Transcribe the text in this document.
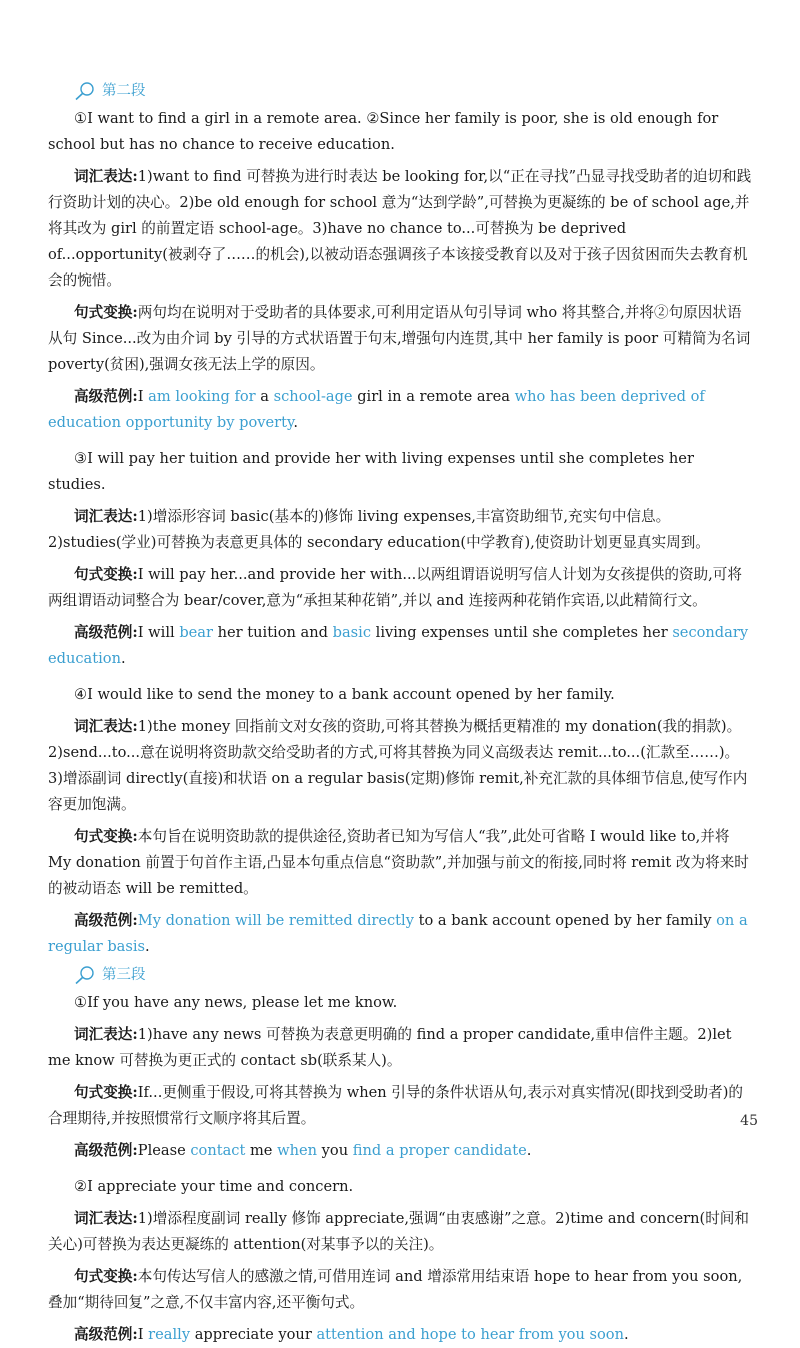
第二段

①I want to find a girl in a remote area. ②Since her family is poor, she is old enough for school but has no chance to receive education.

词汇表达:1)want to find 可替换为进行时表达 be looking for,以“正在寻找”凸显寻找受助者的迫切和践行资助计划的决心。2)be old enough for school 意为“达到学龄”,可替换为更凝练的 be of school age,并将其改为 girl 的前置定语 school-age。3)have no chance to...可替换为 be deprived of...opportunity(被剥夺了……的机会),以被动语态强调孩子本该接受教育以及对于孩子因贫困而失去教育机会的惋惜。

句式变换:两句均在说明对于受助者的具体要求,可利用定语从句引导词 who 将其整合,并将②句原因状语从句 Since...改为由介词 by 引导的方式状语置于句末,增强句内连贯,其中 her family is poor 可精简为名词 poverty(贫困),强调女孩无法上学的原因。

高级范例:I am looking for a school-age girl in a remote area who has been deprived of education opportunity by poverty.

③I will pay her tuition and provide her with living expenses until she completes her studies.

词汇表达:1)增添形容词 basic(基本的)修饰 living expenses,丰富资助细节,充实句中信息。2)studies(学业)可替换为表意更具体的 secondary education(中学教育),使资助计划更显真实周到。

句式变换:I will pay her...and provide her with...以两组谓语说明写信人计划为女孩提供的资助,可将两组谓语动词整合为 bear/cover,意为“承担某种花销”,并以 and 连接两种花销作宾语,以此精简行文。

高级范例:I will bear her tuition and basic living expenses until she completes her secondary education.

④I would like to send the money to a bank account opened by her family.

词汇表达:1)the money 回指前文对女孩的资助,可将其替换为概括更精准的 my donation(我的捐款)。2)send...to...意在说明将资助款交给受助者的方式,可将其替换为同义高级表达 remit...to...(汇款至……)。3)增添副词 directly(直接)和状语 on a regular basis(定期)修饰 remit,补充汇款的具体细节信息,使写作内容更加饱满。

句式变换:本句旨在说明资助款的提供途径,资助者已知为写信人“我”,此处可省略 I would like to,并将 My donation 前置于句首作主语,凸显本句重点信息“资助款”,并加强与前文的衔接,同时将 remit 改为将来时的被动语态 will be remitted。

高级范例:My donation will be remitted directly to a bank account opened by her family on a regular basis.

第三段

①If you have any news, please let me know.

词汇表达:1)have any news 可替换为表意更明确的 find a proper candidate,重申信件主题。2)let me know 可替换为更正式的 contact sb(联系某人)。

句式变换:If...更侧重于假设,可将其替换为 when 引导的条件状语从句,表示对真实情况(即找到受助者)的合理期待,并按照惯常行文顺序将其后置。

高级范例:Please contact me when you find a proper candidate.

②I appreciate your time and concern.

词汇表达:1)增添程度副词 really 修饰 appreciate,强调“由衷感谢”之意。2)time and concern(时间和关心)可替换为表达更凝练的 attention(对某事予以的关注)。

句式变换:本句传达写信人的感激之情,可借用连词 and 增添常用结束语 hope to hear from you soon,叠加“期待回复”之意,不仅丰富内容,还平衡句式。

高级范例:I really appreciate your attention and hope to hear from you soon.

45
